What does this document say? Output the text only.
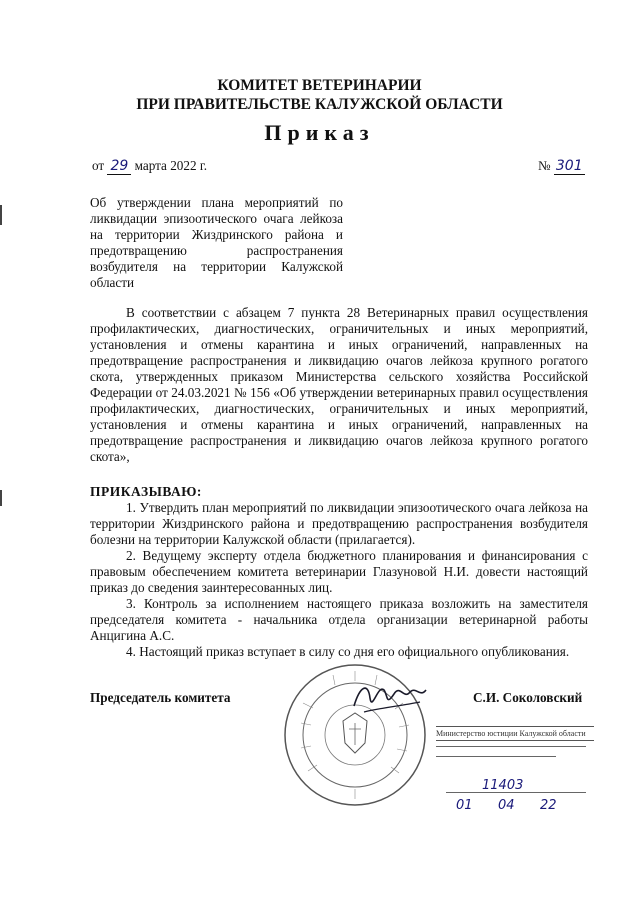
КОМИТЕТ ВЕТЕРИНАРИИ
ПРИ ПРАВИТЕЛЬСТВЕ КАЛУЖСКОЙ ОБЛАСТИ
Приказ
от 29 марта 2022 г.	№ 301
Об утверждении плана мероприятий по ликвидации эпизоотического очага лейкоза на территории Жиздринского района и предотвращению распространения возбудителя на территории Калужской области
В соответствии с абзацем 7 пункта 28 Ветеринарных правил осуществления профилактических, диагностических, ограничительных и иных мероприятий, установления и отмены карантина и иных ограничений, направленных на предотвращение распространения и ликвидацию очагов лейкоза крупного рогатого скота, утвержденных приказом Министерства сельского хозяйства Российской Федерации от 24.03.2021 № 156 «Об утверждении ветеринарных правил осуществления профилактических, диагностических, ограничительных и иных мероприятий, установления и отмены карантина и иных ограничений, направленных на предотвращение распространения и ликвидацию очагов лейкоза крупного рогатого скота»,
ПРИКАЗЫВАЮ:
1. Утвердить план мероприятий по ликвидации эпизоотического очага лейкоза на территории Жиздринского района и предотвращению распространения возбудителя болезни на территории Калужской области (прилагается).
2. Ведущему эксперту отдела бюджетного планирования и финансирования с правовым обеспечением комитета ветеринарии Глазуновой Н.И. довести настоящий приказ до сведения заинтересованных лиц.
3. Контроль за исполнением настоящего приказа возложить на заместителя председателя комитета - начальника отдела организации ветеринарной работы Анцигина А.С.
4. Настоящий приказ вступает в силу со дня его официального опубликования.
Председатель комитета	С.И. Соколовский
Министерство юстиции Калужской области
11403
01 04 22
